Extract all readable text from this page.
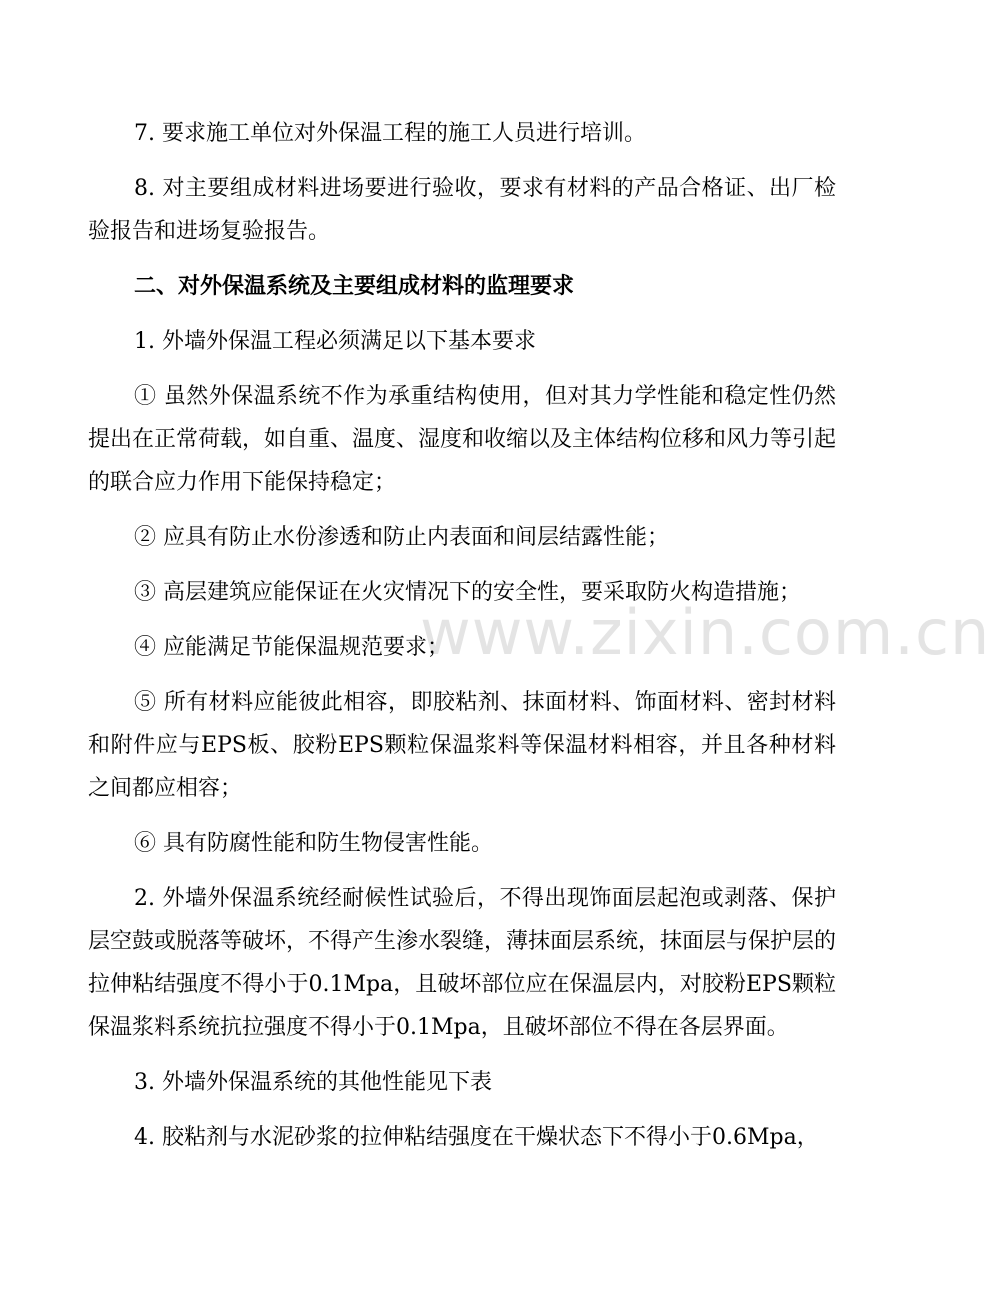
7. 要求施工单位对外保温工程的施工人员进行培训。

8. 对主要组成材料进场要进行验收，要求有材料的产品合格证、出厂检验报告和进场复验报告。

二、对外保温系统及主要组成材料的监理要求

1. 外墙外保温工程必须满足以下基本要求

① 虽然外保温系统不作为承重结构使用，但对其力学性能和稳定性仍然提出在正常荷载，如自重、温度、湿度和收缩以及主体结构位移和风力等引起的联合应力作用下能保持稳定；

② 应具有防止水份渗透和防止内表面和间层结露性能；

③ 高层建筑应能保证在火灾情况下的安全性，要采取防火构造措施；

④ 应能满足节能保温规范要求；

⑤ 所有材料应能彼此相容，即胶粘剂、抹面材料、饰面材料、密封材料和附件应与EPS板、胶粉EPS颗粒保温浆料等保温材料相容，并且各种材料之间都应相容；

⑥ 具有防腐性能和防生物侵害性能。

2. 外墙外保温系统经耐候性试验后，不得出现饰面层起泡或剥落、保护层空鼓或脱落等破坏，不得产生渗水裂缝，薄抹面层系统，抹面层与保护层的拉伸粘结强度不得小于0.1Mpa，且破坏部位应在保温层内，对胶粉EPS颗粒保温浆料系统抗拉强度不得小于0.1Mpa，且破坏部位不得在各层界面。

3. 外墙外保温系统的其他性能见下表

4. 胶粘剂与水泥砂浆的拉伸粘结强度在干燥状态下不得小于0.6Mpa，

www.zixin.com.cn
